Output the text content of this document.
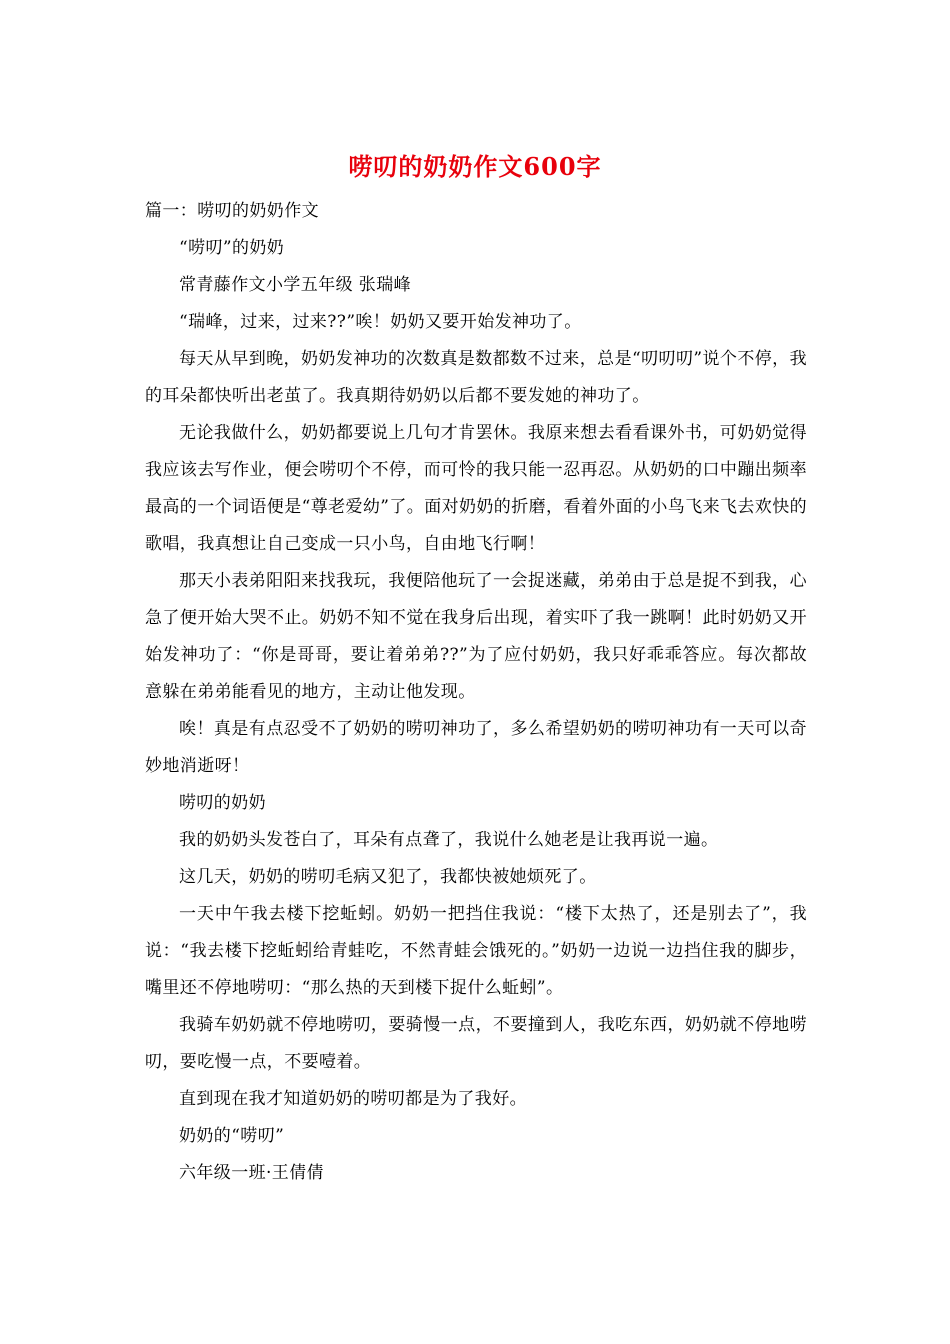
唠叨的奶奶作文600字

篇一：唠叨的奶奶作文

“唠叨”的奶奶

常青藤作文小学五年级 张瑞峰

“瑞峰，过来，过来??”唉！奶奶又要开始发神功了。

每天从早到晚，奶奶发神功的次数真是数都数不过来，总是“叨叨叨”说个不停，我的耳朵都快听出老茧了。我真期待奶奶以后都不要发她的神功了。

无论我做什么，奶奶都要说上几句才肯罢休。我原来想去看看课外书，可奶奶觉得我应该去写作业，便会唠叨个不停，而可怜的我只能一忍再忍。从奶奶的口中蹦出频率最高的一个词语便是“尊老爱幼”了。面对奶奶的折磨，看着外面的小鸟飞来飞去欢快的歌唱，我真想让自己变成一只小鸟，自由地飞行啊！

那天小表弟阳阳来找我玩，我便陪他玩了一会捉迷藏，弟弟由于总是捉不到我，心急了便开始大哭不止。奶奶不知不觉在我身后出现，着实吓了我一跳啊！此时奶奶又开始发神功了：“你是哥哥，要让着弟弟??”为了应付奶奶，我只好乖乖答应。每次都故意躲在弟弟能看见的地方，主动让他发现。

唉！真是有点忍受不了奶奶的唠叨神功了，多么希望奶奶的唠叨神功有一天可以奇妙地消逝呀！

唠叨的奶奶

我的奶奶头发苍白了，耳朵有点聋了，我说什么她老是让我再说一遍。

这几天，奶奶的唠叨毛病又犯了，我都快被她烦死了。

一天中午我去楼下挖蚯蚓。奶奶一把挡住我说：“楼下太热了，还是别去了”，我说：“我去楼下挖蚯蚓给青蛙吃，不然青蛙会饿死的。”奶奶一边说一边挡住我的脚步，嘴里还不停地唠叨：“那么热的天到楼下捉什么蚯蚓”。

我骑车奶奶就不停地唠叨，要骑慢一点，不要撞到人，我吃东西，奶奶就不停地唠叨，要吃慢一点，不要噎着。

直到现在我才知道奶奶的唠叨都是为了我好。

奶奶的“唠叨”

六年级一班·王倩倩
